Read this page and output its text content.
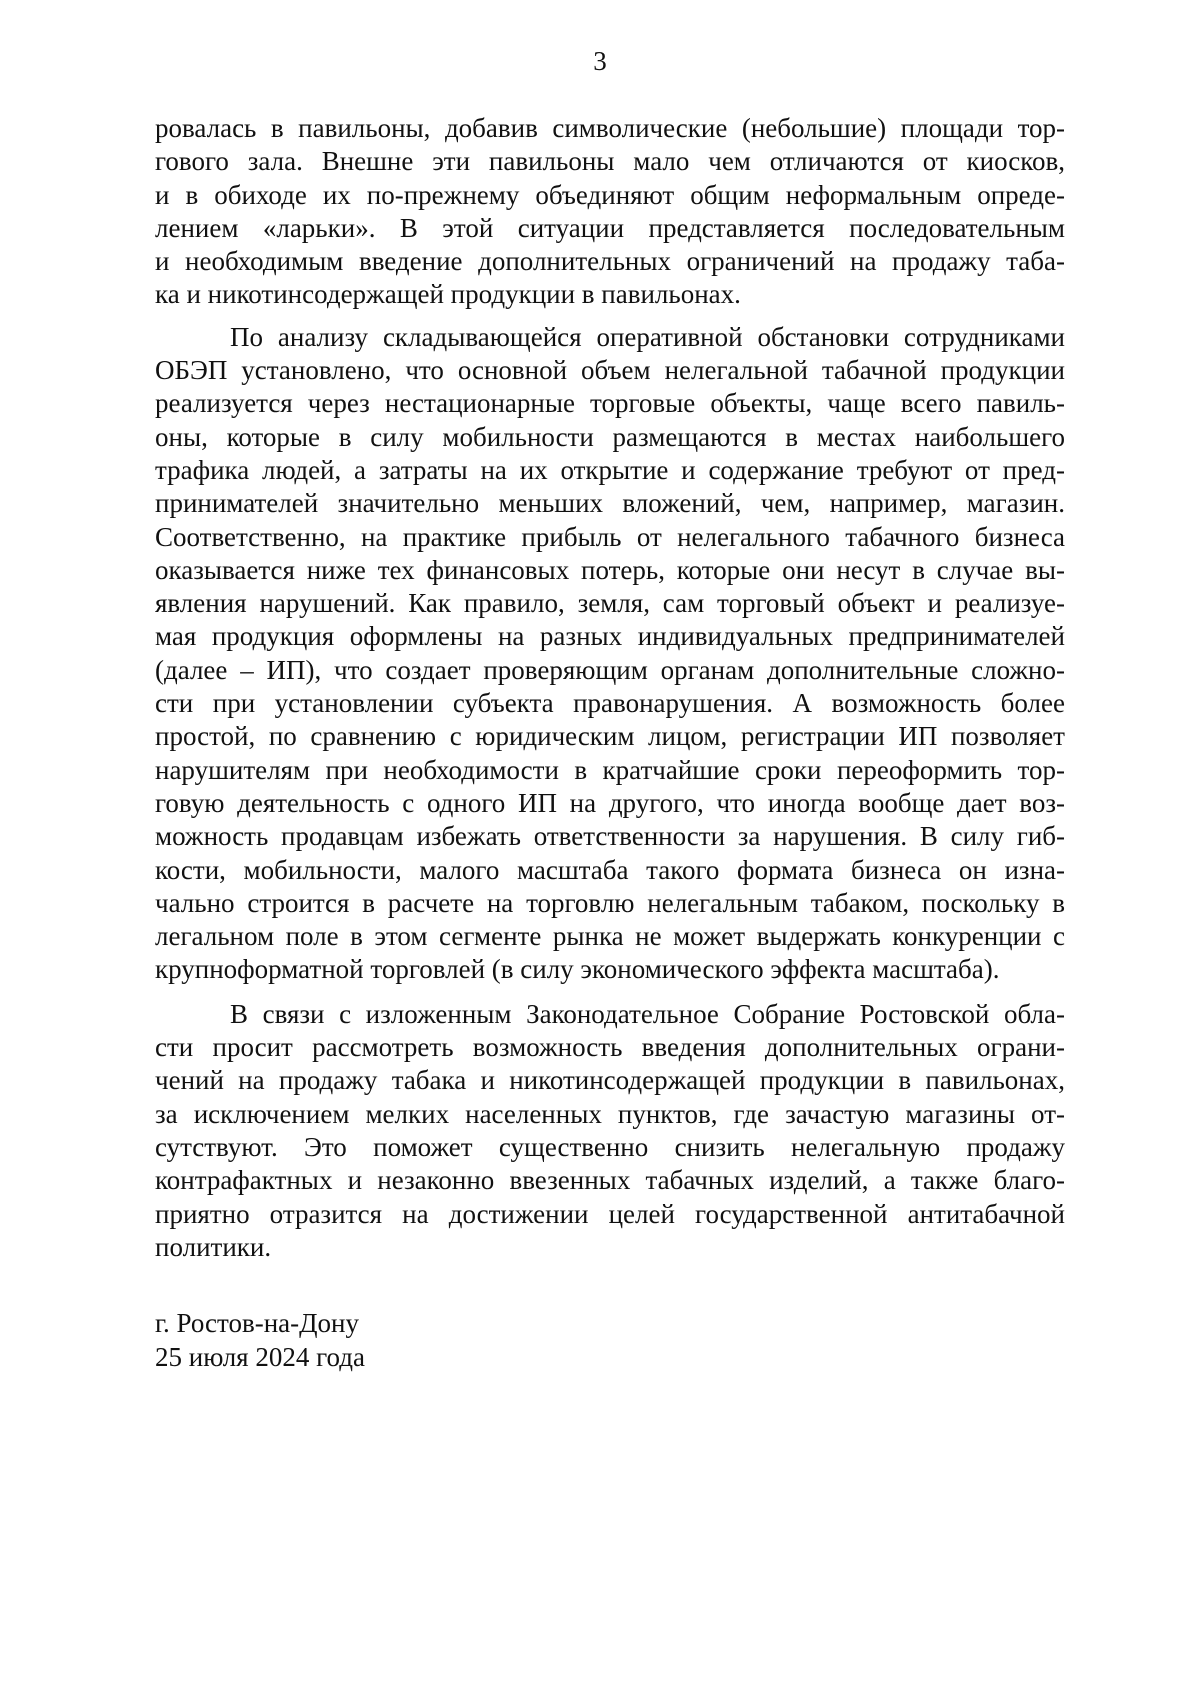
3
ровалась в павильоны, добавив символические (небольшие) площади тор-
гового зала. Внешне эти павильоны мало чем отличаются от киосков,
и в обиходе их по-прежнему объединяют общим неформальным опреде-
лением «ларьки». В этой ситуации представляется последовательным
и необходимым введение дополнительных ограничений на продажу таба-
ка и никотинсодержащей продукции в павильонах.
По анализу складывающейся оперативной обстановки сотрудниками
ОБЭП установлено, что основной объем нелегальной табачной продукции
реализуется через нестационарные торговые объекты, чаще всего павиль-
оны, которые в силу мобильности размещаются в местах наибольшего
трафика людей, а затраты на их открытие и содержание требуют от пред-
принимателей значительно меньших вложений, чем, например, магазин.
Соответственно, на практике прибыль от нелегального табачного бизнеса
оказывается ниже тех финансовых потерь, которые они несут в случае вы-
явления нарушений. Как правило, земля, сам торговый объект и реализуе-
мая продукция оформлены на разных индивидуальных предпринимателей
(далее – ИП), что создает проверяющим органам дополнительные сложно-
сти при установлении субъекта правонарушения. А возможность более
простой, по сравнению с юридическим лицом, регистрации ИП позволяет
нарушителям при необходимости в кратчайшие сроки переоформить тор-
говую деятельность с одного ИП на другого, что иногда вообще дает воз-
можность продавцам избежать ответственности за нарушения. В силу гиб-
кости, мобильности, малого масштаба такого формата бизнеса он изна-
чально строится в расчете на торговлю нелегальным табаком, поскольку в
легальном поле в этом сегменте рынка не может выдержать конкуренции с
крупноформатной торговлей (в силу экономического эффекта масштаба).
В связи с изложенным Законодательное Собрание Ростовской обла-
сти просит рассмотреть возможность введения дополнительных ограни-
чений на продажу табака и никотинсодержащей продукции в павильонах,
за исключением мелких населенных пунктов, где зачастую магазины от-
сутствуют. Это поможет существенно снизить нелегальную продажу
контрафактных и незаконно ввезенных табачных изделий, а также благо-
приятно отразится на достижении целей государственной антитабачной
политики.
г. Ростов-на-Дону
25 июля 2024 года
